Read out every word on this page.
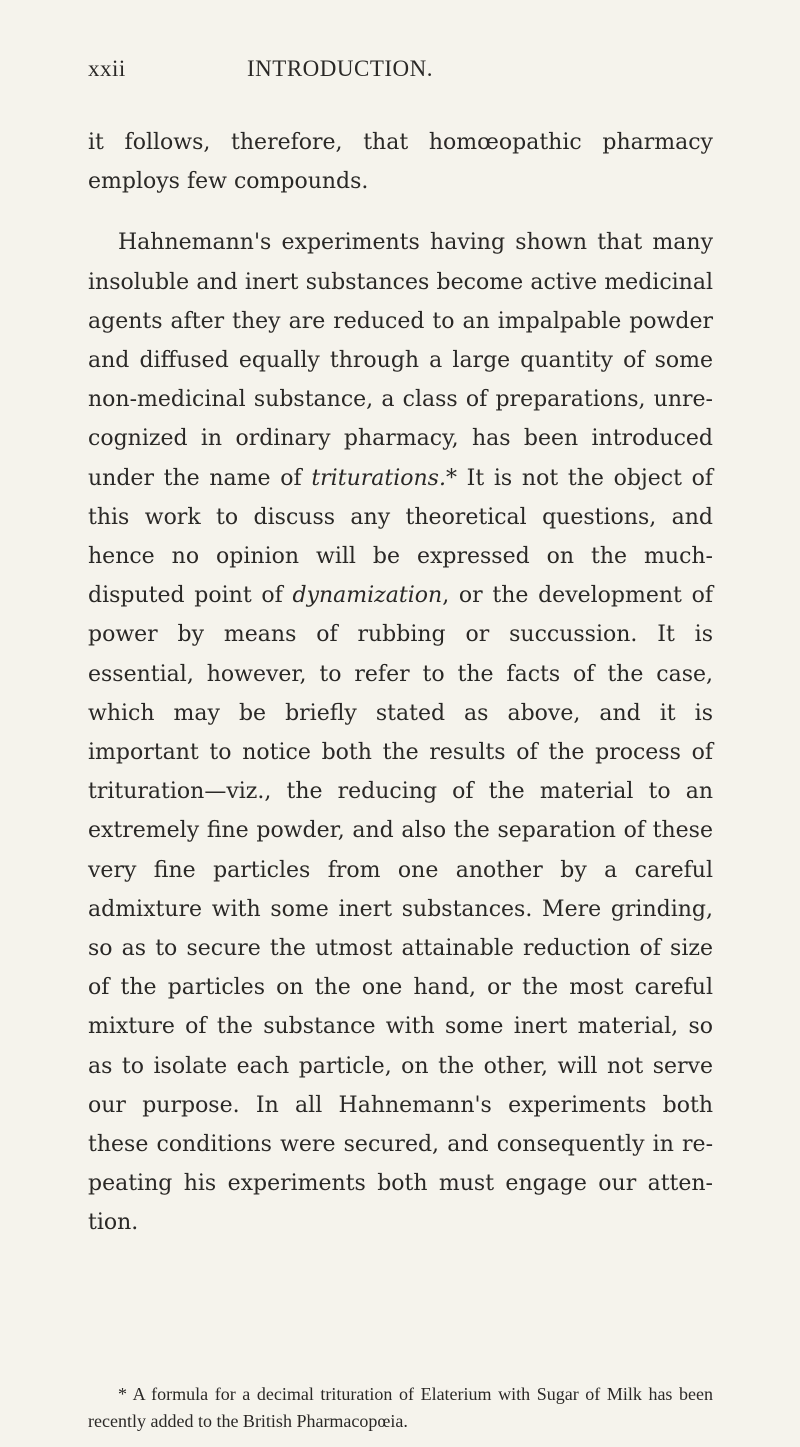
xxii	INTRODUCTION.

it follows, therefore, that homœopathic pharmacy employs few compounds.

Hahnemann's experiments having shown that many insoluble and inert substances become active medicinal agents after they are reduced to an impalpable powder and diffused equally through a large quantity of some non-medicinal substance, a class of preparations, unre-cognized in ordinary pharmacy, has been introduced under the name of triturations.* It is not the object of this work to discuss any theoretical questions, and hence no opinion will be expressed on the much-disputed point of dynamization, or the development of power by means of rubbing or succussion. It is essential, however, to refer to the facts of the case, which may be briefly stated as above, and it is important to notice both the results of the process of trituration—viz., the reducing of the material to an extremely fine powder, and also the separation of these very fine particles from one another by a careful admixture with some inert substances. Mere grinding, so as to secure the utmost attainable reduction of size of the particles on the one hand, or the most careful mixture of the substance with some inert material, so as to isolate each particle, on the other, will not serve our purpose. In all Hahnemann's experiments both these conditions were secured, and consequently in re-peating his experiments both must engage our atten-tion.

* A formula for a decimal trituration of Elaterium with Sugar of Milk has been recently added to the British Pharmacopœia.
